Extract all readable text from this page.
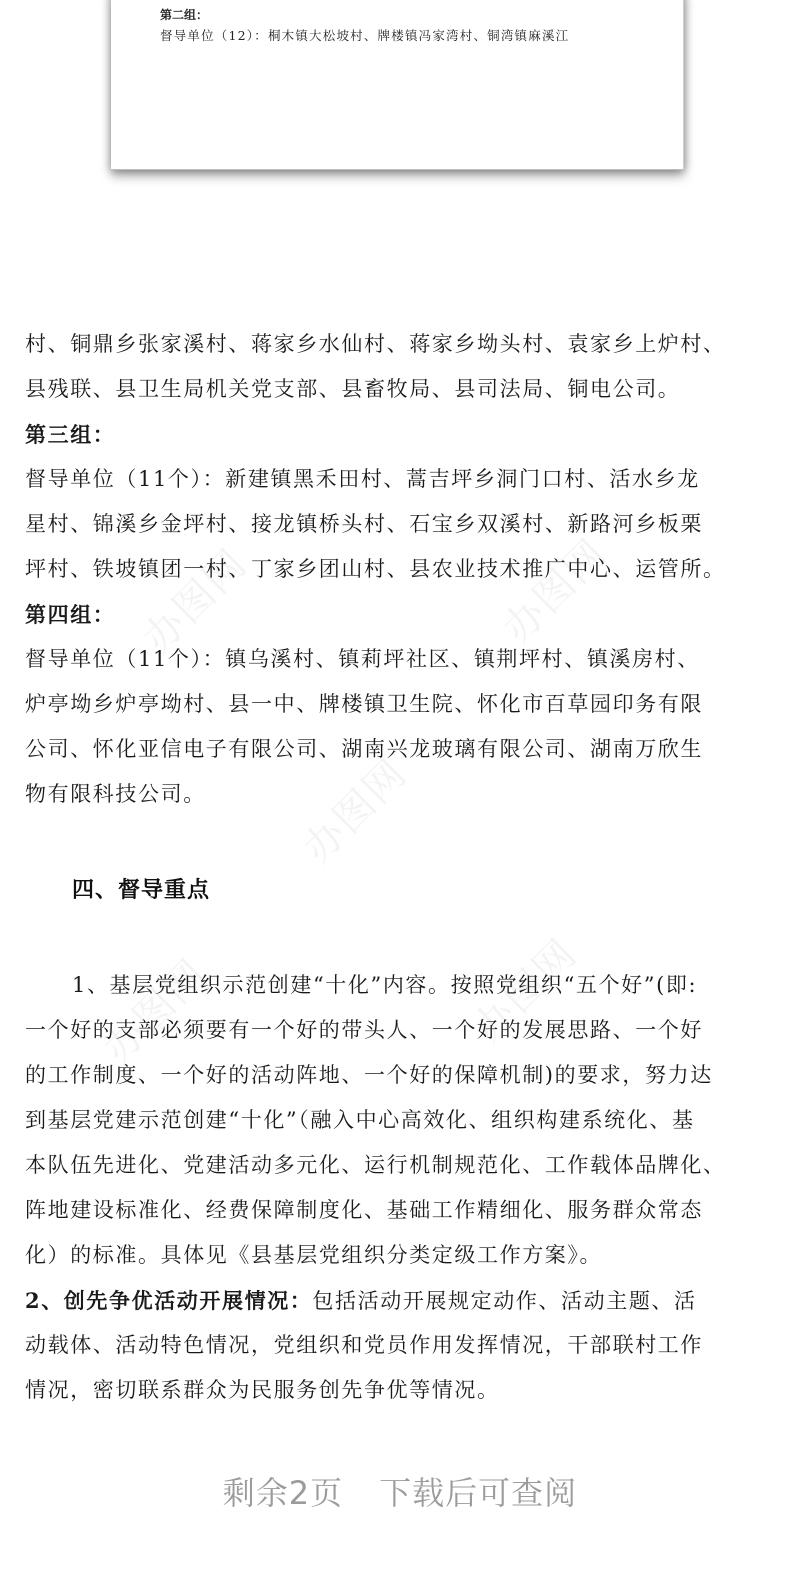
办图网	办图网
办图网
办图网	办图网
第二组：
督导单位（12）：桐木镇大松坡村、牌楼镇冯家湾村、铜湾镇麻溪江
村、铜鼎乡张家溪村、蒋家乡水仙村、蒋家乡坳头村、袁家乡上炉村、
县残联、县卫生局机关党支部、县畜牧局、县司法局、铜电公司。
第三组：
督导单位（11个）：新建镇黑禾田村、蒿吉坪乡洞门口村、活水乡龙
星村、锦溪乡金坪村、接龙镇桥头村、石宝乡双溪村、新路河乡板栗
坪村、铁坡镇团一村、丁家乡团山村、县农业技术推广中心、运管所。
第四组：
督导单位（11个）：镇乌溪村、镇莉坪社区、镇荆坪村、镇溪房村、
炉亭坳乡炉亭坳村、县一中、牌楼镇卫生院、怀化市百草园印务有限
公司、怀化亚信电子有限公司、湖南兴龙玻璃有限公司、湖南万欣生
物有限科技公司。
四、督导重点
1、基层党组织示范创建“十化”内容。按照党组织“五个好”(即:
一个好的支部必须要有一个好的带头人、一个好的发展思路、一个好
的工作制度、一个好的活动阵地、一个好的保障机制)的要求，努力达
到基层党建示范创建“十化”（融入中心高效化、组织构建系统化、基
本队伍先进化、党建活动多元化、运行机制规范化、工作载体品牌化、
阵地建设标准化、经费保障制度化、基础工作精细化、服务群众常态
化）的标准。具体见《县基层党组织分类定级工作方案》。
2、创先争优活动开展情况：包括活动开展规定动作、活动主题、活
动载体、活动特色情况，党组织和党员作用发挥情况，干部联村工作
情况，密切联系群众为民服务创先争优等情况。
剩余2页 下载后可查阅
